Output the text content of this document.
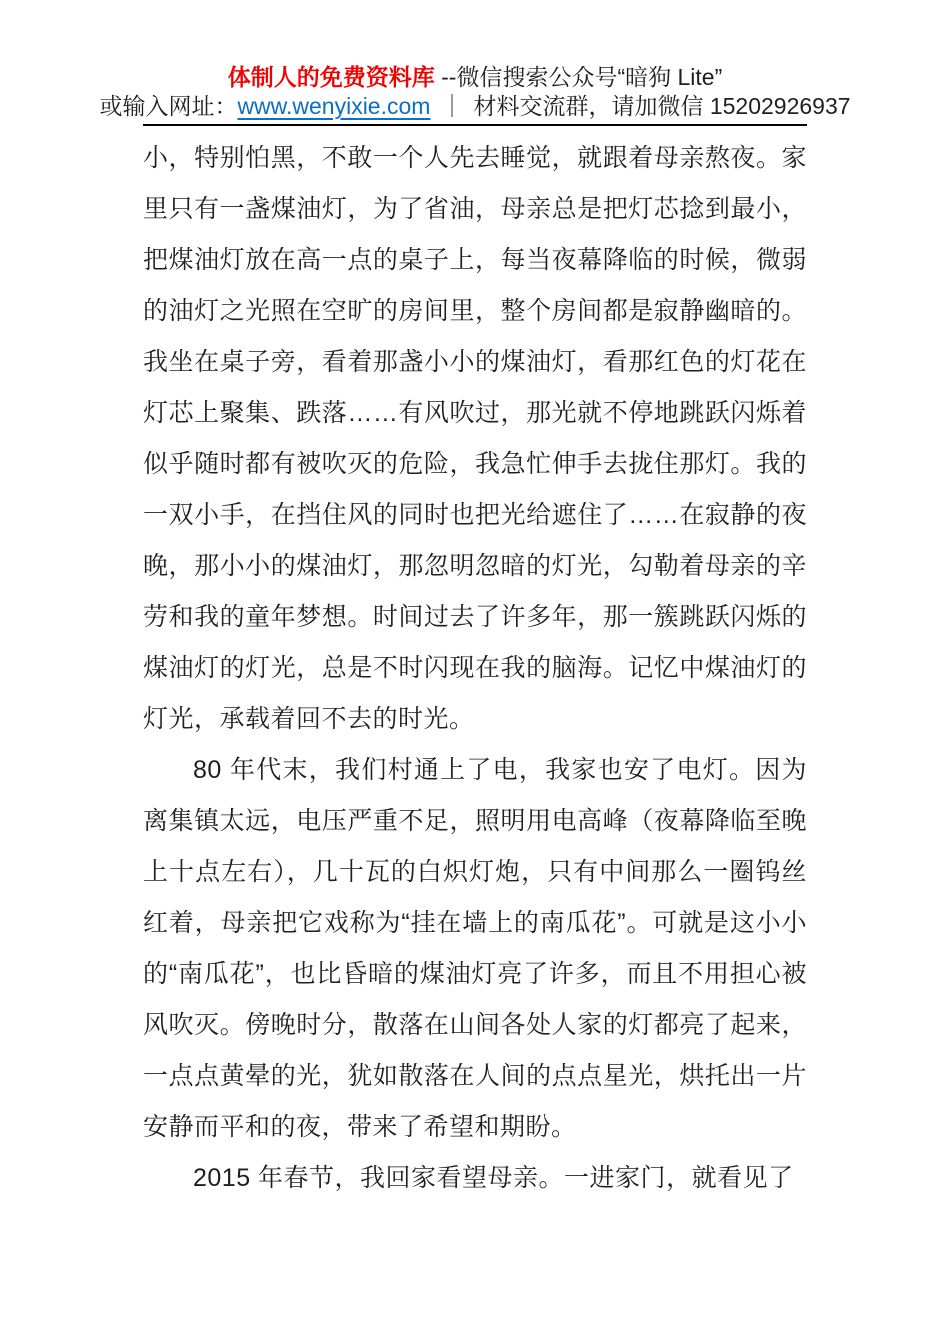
体制人的免费资料库 --微信搜索公众号“暗狗 Lite”
或输入网址：www.wenyixie.com ｜ 材料交流群，请加微信 15202926937

小，特别怕黑，不敢一个人先去睡觉，就跟着母亲熬夜。家里只有一盏煤油灯，为了省油，母亲总是把灯芯捻到最小，把煤油灯放在高一点的桌子上，每当夜幕降临的时候，微弱的油灯之光照在空旷的房间里，整个房间都是寂静幽暗的。我坐在桌子旁，看着那盏小小的煤油灯，看那红色的灯花在灯芯上聚集、跌落……有风吹过，那光就不停地跳跃闪烁着似乎随时都有被吹灭的危险，我急忙伸手去拢住那灯。我的一双小手，在挡住风的同时也把光给遮住了……在寂静的夜晚，那小小的煤油灯，那忽明忽暗的灯光，勾勒着母亲的辛劳和我的童年梦想。时间过去了许多年，那一簇跳跃闪烁的煤油灯的灯光，总是不时闪现在我的脑海。记忆中煤油灯的灯光，承载着回不去的时光。

80 年代末，我们村通上了电，我家也安了电灯。因为离集镇太远，电压严重不足，照明用电高峰（夜幕降临至晚上十点左右），几十瓦的白炽灯炮，只有中间那么一圈钨丝红着，母亲把它戏称为“挂在墙上的南瓜花”。可就是这小小的“南瓜花”，也比昏暗的煤油灯亮了许多，而且不用担心被风吹灭。傍晚时分，散落在山间各处人家的灯都亮了起来，一点点黄晕的光，犹如散落在人间的点点星光，烘托出一片安静而平和的夜，带来了希望和期盼。

2015 年春节，我回家看望母亲。一进家门，就看见了
